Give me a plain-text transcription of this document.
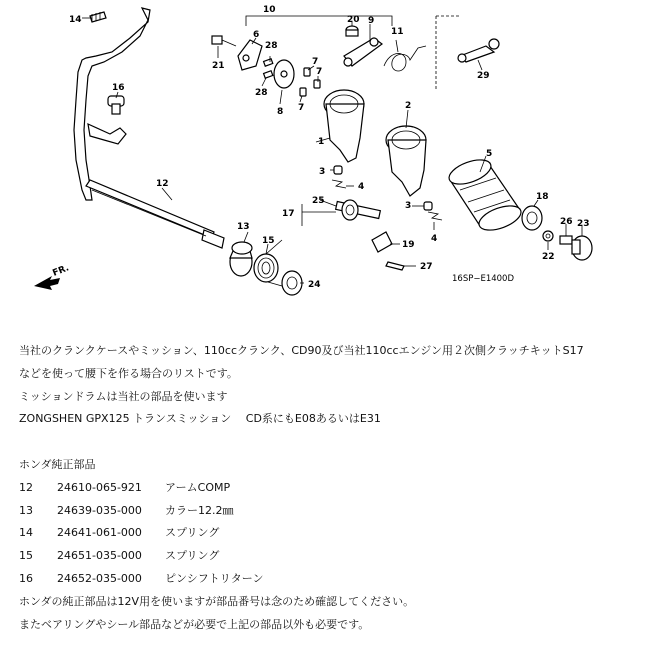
FR.
1
2
3
3
4
4
5
6
7
7
7
8
9
10
11
12
13
14
15
16
17
18
19
20
21
22
23
24
25
26
27
28
28
29
16SP−E1400D
当社のクランクケースやミッション、110ccクランク、CD90及び当社110ccエンジン用２次側クラッチキットS17
などを使って腰下を作る場合のリストです。
ミッションドラムは当社の部品を使います
ZONGSHEN GPX125 トランスミッション　 CD系にもE08あるいはE31
ホンダ純正部品
12 24610-065-921 アームCOMP
13 24639-035-000 カラー12.2㎜
14 24641-061-000 スプリング
15 24651-035-000 スプリング
16 24652-035-000 ピンシフトリターン
ホンダの純正部品は12V用を使いますが部品番号は念のため確認してください。
またベアリングやシール部品などが必要で上記の部品以外も必要です。
